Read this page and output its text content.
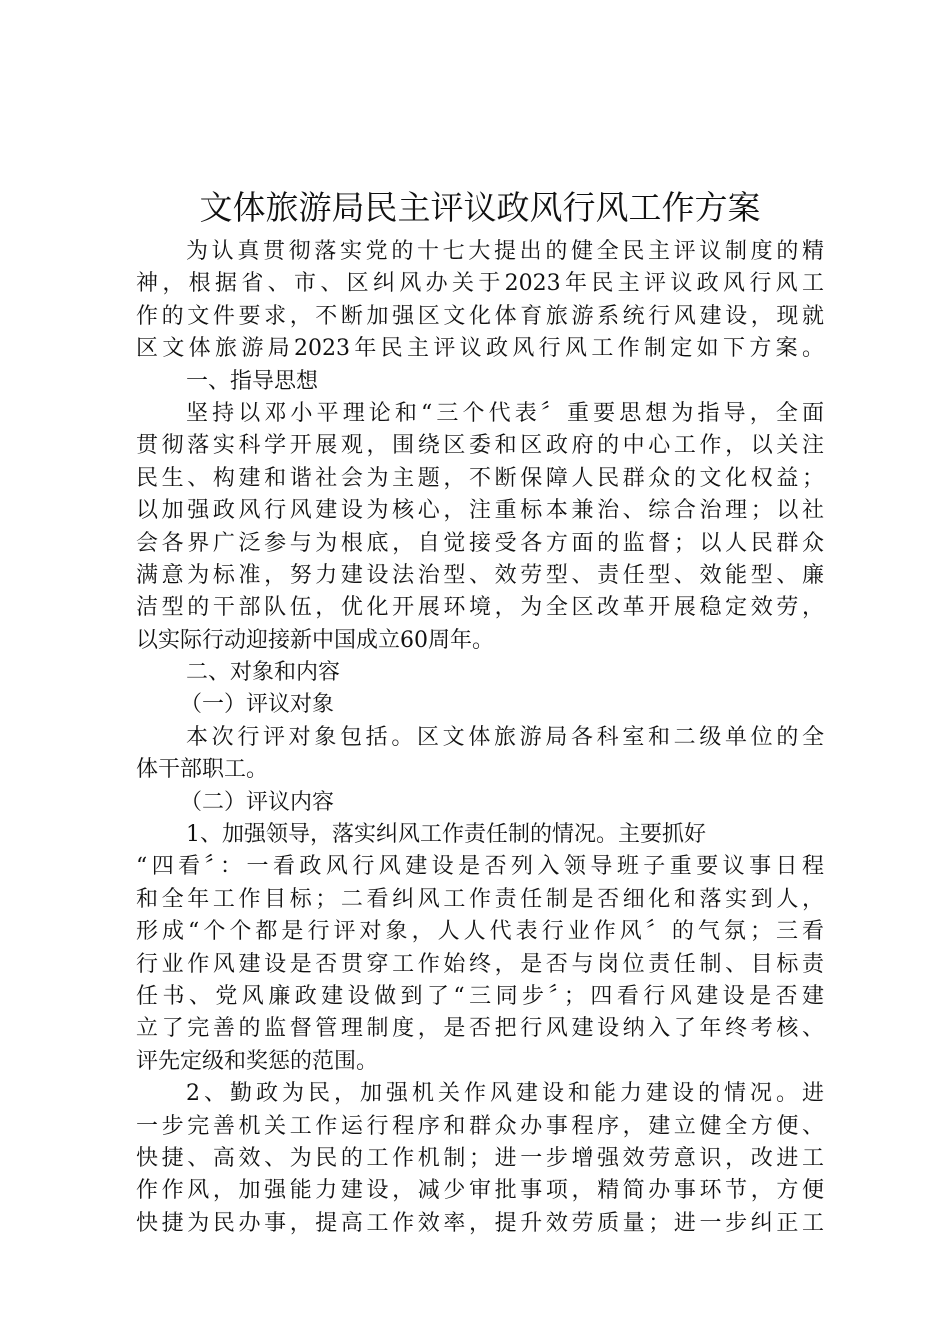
文体旅游局民主评议政风行风工作方案
为认真贯彻落实党的十七大提出的健全民主评议制度的精
神，根据省、市、区纠风办关于2023年民主评议政风行风工
作的文件要求，不断加强区文化体育旅游系统行风建设，现就
区文体旅游局2023年民主评议政风行风工作制定如下方案。
一、指导思想
坚持以邓小平理论和“三个代表〞重要思想为指导，全面
贯彻落实科学开展观，围绕区委和区政府的中心工作，以关注
民生、构建和谐社会为主题，不断保障人民群众的文化权益；
以加强政风行风建设为核心，注重标本兼治、综合治理；以社
会各界广泛参与为根底，自觉接受各方面的监督；以人民群众
满意为标准，努力建设法治型、效劳型、责任型、效能型、廉
洁型的干部队伍，优化开展环境，为全区改革开展稳定效劳，
以实际行动迎接新中国成立60周年。
二、对象和内容
（一）评议对象
本次行评对象包括。区文体旅游局各科室和二级单位的全
体干部职工。
（二）评议内容
1、加强领导，落实纠风工作责任制的情况。主要抓好
“四看〞：一看政风行风建设是否列入领导班子重要议事日程
和全年工作目标；二看纠风工作责任制是否细化和落实到人，
形成“个个都是行评对象，人人代表行业作风〞的气氛；三看
行业作风建设是否贯穿工作始终，是否与岗位责任制、目标责
任书、党风廉政建设做到了“三同步〞；四看行风建设是否建
立了完善的监督管理制度，是否把行风建设纳入了年终考核、
评先定级和奖惩的范围。
2、勤政为民，加强机关作风建设和能力建设的情况。进
一步完善机关工作运行程序和群众办事程序，建立健全方便、
快捷、高效、为民的工作机制；进一步增强效劳意识，改进工
作作风，加强能力建设，减少审批事项，精简办事环节，方便
快捷为民办事，提高工作效率，提升效劳质量；进一步纠正工
